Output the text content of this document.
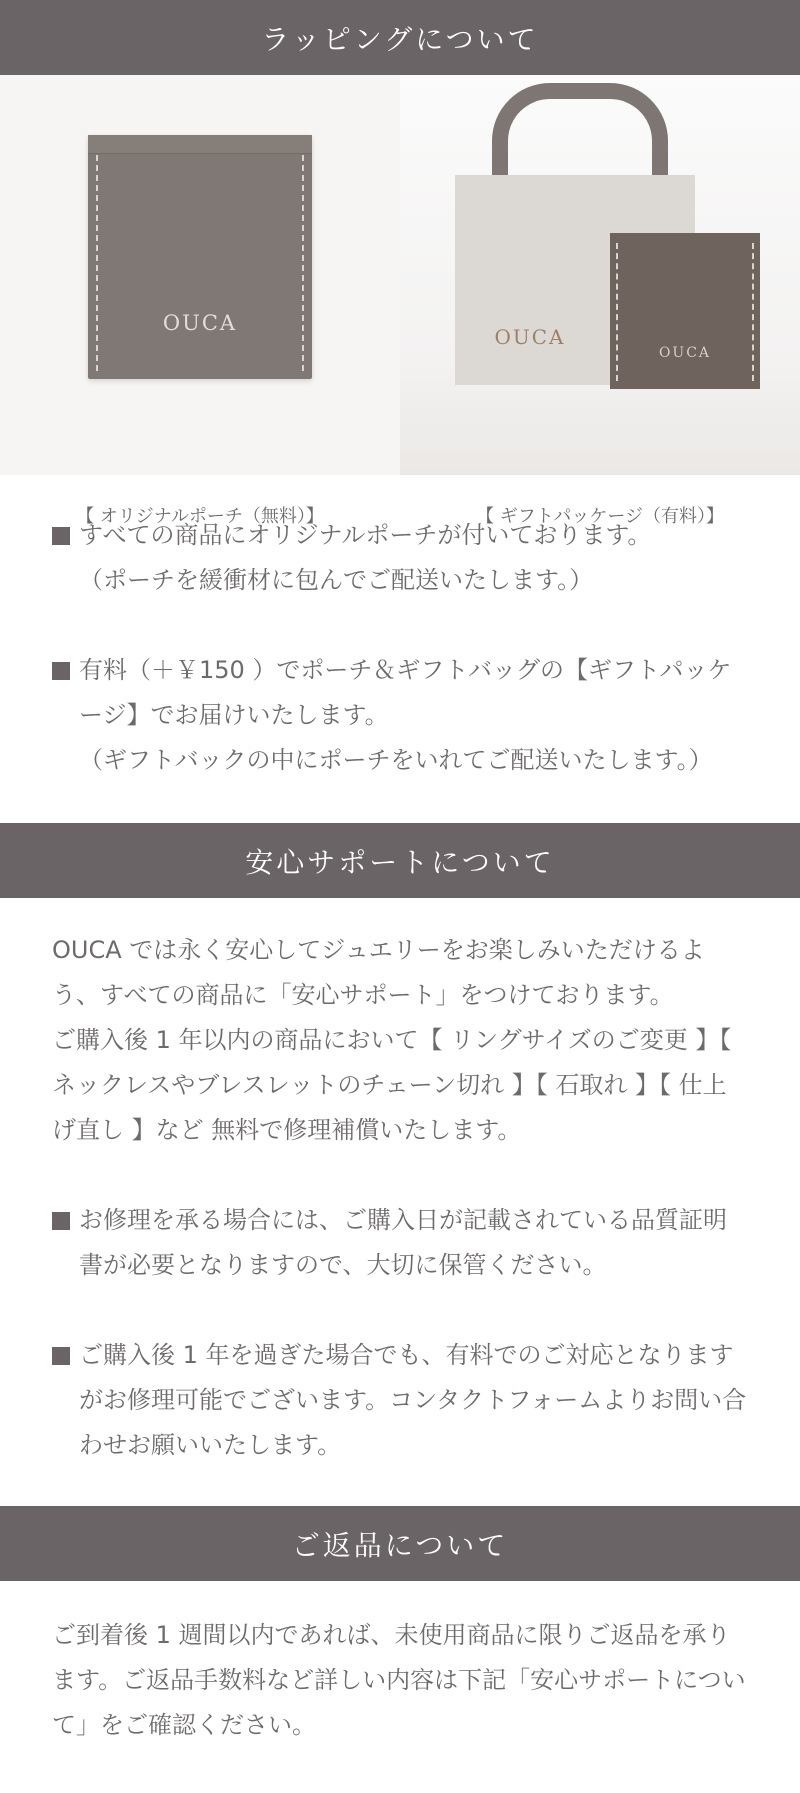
ラッピングについて
OUCA
【 オリジナルポーチ（無料）】
OUCA
OUCA
【 ギフトパッケージ（有料）】
すべての商品にオリジナルポーチが付いております。
（ポーチを緩衝材に包んでご配送いたします。）
有料（＋￥150 ）でポーチ＆ギフトバッグの【ギフトパッケージ】でお届けいたします。
（ギフトバックの中にポーチをいれてご配送いたします。）
安心サポートについて
OUCA では永く安心してジュエリーをお楽しみいただけるよう、すべての商品に「安心サポート」をつけております。
ご購入後 1 年以内の商品において【 リングサイズのご変更 】【 ネックレスやブレスレットのチェーン切れ 】【 石取れ 】【 仕上げ直し 】など 無料で修理補償いたします。
お修理を承る場合には、ご購入日が記載されている品質証明書が必要となりますので、大切に保管ください。
ご購入後 1 年を過ぎた場合でも、有料でのご対応となりますがお修理可能でございます。コンタクトフォームよりお問い合わせお願いいたします。
ご返品について
ご到着後 1 週間以内であれば、未使用商品に限りご返品を承ります。ご返品手数料など詳しい内容は下記「安心サポートについて」をご確認ください。
